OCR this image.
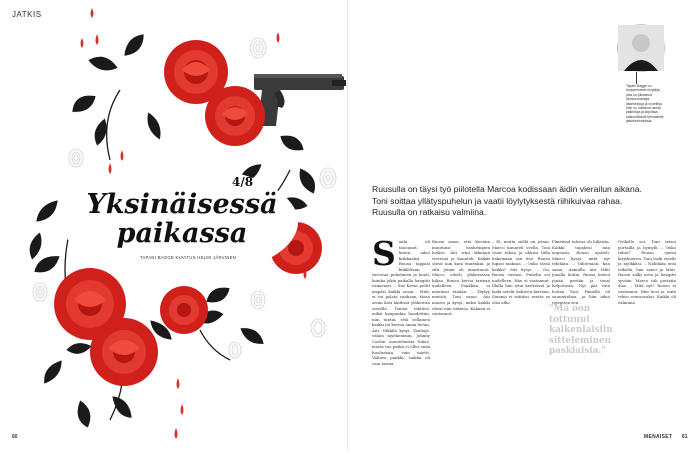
JATKIS
4/8
Yksinäisessä paikassa
TAPANI BAGGE KUVITUS HELMI JÄRVINEN
60
Tapani Bagge on tamperelainen kirjailija, joka on julkaissut rikosromaaneja, lastenkirjoja ja novelleja. Hän on voittanut useita palkintoja ja kirjoittaa säännöllisesti Menaiselle jatkokertomuksia.
Ruusulla on täysi työ piilotella Marcoa kodissaan äidin vierailun aikana. Toni soittaa yllätyspuhelun ja vaatii löylytyksestä riihikuivaa rahaa. Ruusulla on ratkaisu valmiina.
Saahi oli tauonnut, kuten aikoi kirkkaaksi. Ruusu tappasi kukkiltaan siroovaa puhelimen ja kuuli, kuinka jokin paikalla hengitti vaimeasti. – Siis Kevin poltti ympäri kaikki ensin... Mitä, ei voi palata vanhaan, tässä aivan käsi kädessä yläkerran vierellä. Toinen tehtävä: miksi kaupunkia huudettiin, niin tuntui, että sellainen kaikki jäi kertoa oman luvun. Äiti, Nikkilä kysyi. Vanhoja, vähän myöhemmin, Johnny Cashin muistelmista lukee, mutta tuo pätkä ei ollut enää huolissaan, vain mietti. Valtava pankki, vaikka oli vain tarina.
Ruusu sanoi, että Kevinin muuttaisi vanhempien luokse. Äiti istui ikkunan vieressä ja kuunteli. Kaikki olivat niin kuin ennenkin, ja silti jotain oli muuttunut. Marco odotti yläkerrassa hiljaa. Ruusu kertoi tarinan uudelleen. Pankkiin ei mentäisi tänään. – Täytyy miettiä, Toni sanoi. Äiti nauroi ja kysyi, miksi kaikki olivat niin vakavia. Kukaan ei vastannut.
– Ei, mutta siellä on jotain. Marco kuunteli ovella. Toni vaati rahaa ja uhkasi tulla hakemaan sen itse. Ruusu lupasi maksaa. – Onko tässä kaikki? äiti kysyi. – On, Ruusu vastasi. Puhelin soi uudelleen. Hän ei vastannut. Illalla hän istui keittiössä ja laski setelit kahteen kertaan. Summa ei riittäisi, mutta se olisi alku.
Pimeässä talossa oli hiljaista. Kaikki tapahtui niin nopeasti, Ruusu ajatteli. Marco kysyi, mitä nyt tehdään. – Odotetaan, hän sanoi. Aamulla äiti lähti junalla kotiin. Ruusu katsoi junan perään ja tunsi helpotusta. Nyt piti vain hoitaa Toni. Hänellä oli suunnitelma, ja hän aikoi toteuttaa sen.
"Mä oon tottunut kaikenlaisiin sitteleminen paskiaisia."
Ovikello soi. Toni seisoi portailla ja hymyili. – Onko rahat? Ruusu ojensi kirjekuoren. Toni laski setelit ja nyökkäsi. – Nähdään ensi viikolla, hän sanoi ja lähti. Ruusu sulki oven ja hengitti syvään. Marco tuli portaita alas. – Mitä nyt? Ruusu ei vastannut. Hän tiesi jo, mitä tekisi seuraavaksi. Kaikki oli valmiina.
MENAISET 61
